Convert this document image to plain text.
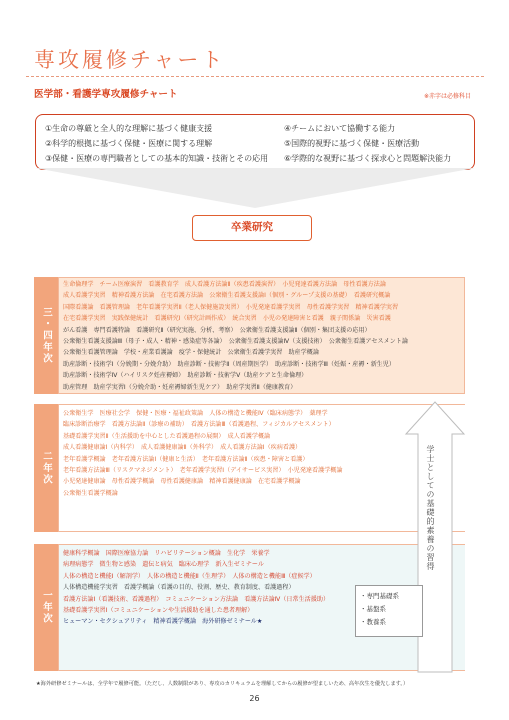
専攻履修チャート
医学部・看護学専攻履修チャート	※赤字は必修科目
①生命の尊厳と全人的な理解に基づく健康支援	④チームにおいて協働する能力
②科学的根拠に基づく保健・医療に関する理解	⑤国際的視野に基づく保健・医療活動
③保健・医療の専門職者としての基本的知識・技術とその応用 ⑥学際的な視野に基づく探求心と問題解決能力
卒業研究
三・四年次
生命倫理学　チーム医療演習　看護教育学　成人看護方法論Ⅱ（疾患看護演習）　小児発達看護方法論　母性看護方法論
成人看護学実習　精神看護方法論　在宅看護方法論　公衆衛生看護支援論Ⅰ（個別・グループ支援の基礎）　看護研究概論
国際看護論　看護管理論　老年看護学実習Ⅱ（老人保健施設実習）　小児発達看護学実習　母性看護学実習　精神看護学実習
在宅看護学実習　実践保健統計　看護研究Ⅰ（研究計画作成）　統合実習　小児の発達障害と看護　親子関係論　災害看護
がん看護　専門看護特論　看護研究Ⅱ（研究実施、分析、考察）　公衆衛生看護支援論Ⅱ（個別・集団支援の応用）
公衆衛生看護支援論Ⅲ（母子・成人・精神・感染症等各論）　公衆衛生看護支援論Ⅳ（支援技術）　公衆衛生看護アセスメント論
公衆衛生看護管理論　学校・産業看護論　疫学・保健統計　公衆衛生看護学実習　助産学概論
助産診断・技術学Ⅰ（分娩期・分娩介助）　助産診断・技術学Ⅱ（周産期医学）　助産診断・技術学Ⅲ（妊娠・産褥・新生児）
助産診断・技術学Ⅳ（ハイリスク妊産褥婦）　助産診断・技術学Ⅴ（助産ケアと生命倫理）
助産管理　助産学実習Ⅰ（分娩介助・妊産褥婦新生児ケア）　助産学実習Ⅱ（健康教育）
二年次
公衆衛生学　医療社会学　保健・医療・福祉政策論　人体の構造と機能Ⅳ（臨床病態学）　薬理学
臨床診断治療学　看護方法論Ⅱ（診療の補助）　看護方法論Ⅲ（看護過程、フィジカルアセスメント）
基礎看護学実習Ⅱ（生活援助を中心とした看護過程の展開）　成人看護学概論
成人看護健康論Ⅰ（内科学）　成人看護健康論Ⅱ（外科学）　成人看護方法論Ⅰ（疾病看護）
老年看護学概論　老年看護方法論Ⅰ（健康と生活）　老年看護方法論Ⅱ（疾患・障害と看護）
老年看護方法論Ⅲ（リスクマネジメント）　老年看護学実習Ⅰ（デイサービス実習）　小児発達看護学概論
小児発達健康論　母性看護学概論　母性看護健康論　精神看護健康論　在宅看護学概論
公衆衛生看護学概論
一年次
健康科学概論　国際医療協力論　リハビリテーション概論　生化学　栄養学
病理病態学　微生物と感染　遺伝と病気　臨床心理学　新入生ゼミナール
人体の構造と機能Ⅰ（解剖学）　人体の構造と機能Ⅱ（生理学）　人体の構造と機能Ⅲ（症候学）
人体構造機能学実習　看護学概論（看護の目的、役割、歴史、教育制度、看護過程）
看護方法論Ⅰ（看護技術、看護過程）　コミュニケーション方法論　看護方法論Ⅳ（日常生活援助）
基礎看護学実習Ⅰ（コミュニケーションや生活援助を通した患者理解）
ヒューマン・セクシュアリティ　精神看護学概論　海外研修ゼミナール★
学士としての基礎的素養の習得
・専門基礎系
・基盤系
・教養系
★海外研修ゼミナールは、全学年で履修可能。（ただし、人数制限があり、専攻のカリキュラムを理解してからの履修が望ましいため、高年次生を優先します。）
26
